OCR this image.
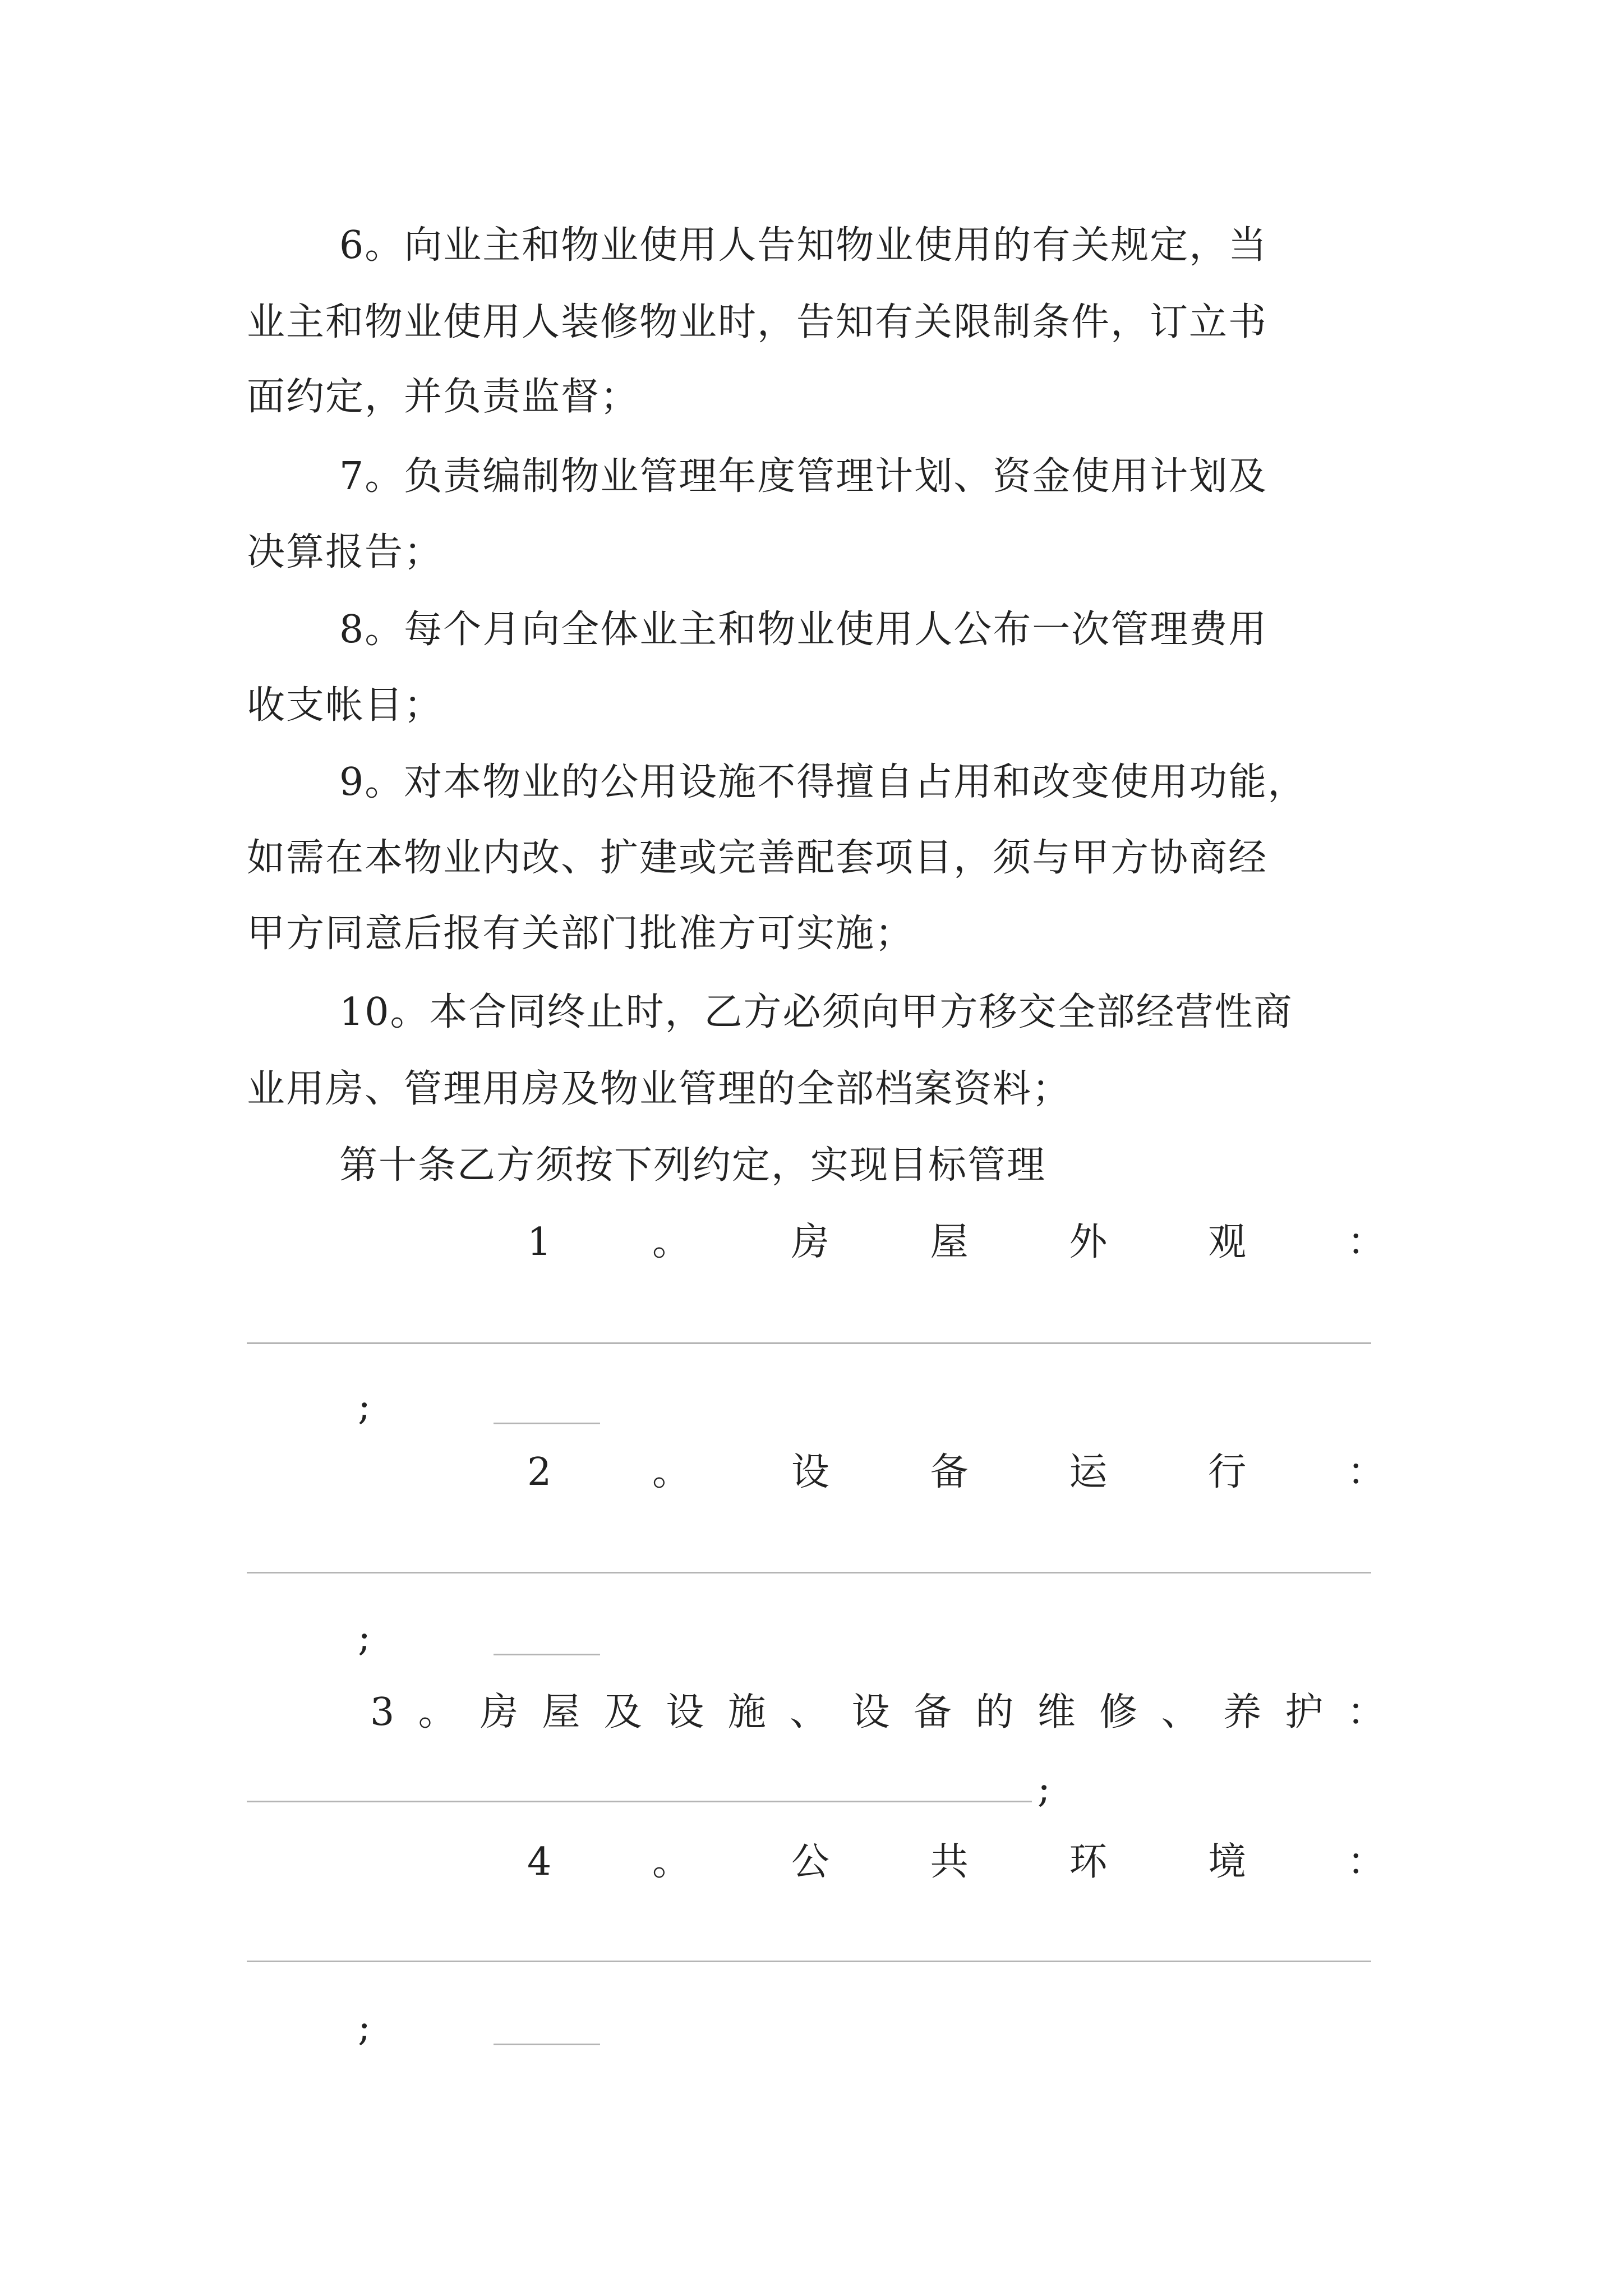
6。向业主和物业使用人告知物业使用的有关规定，当
业主和物业使用人装修物业时，告知有关限制条件，订立书
面约定，并负责监督；
7。负责编制物业管理年度管理计划、资金使用计划及
决算报告；
8。每个月向全体业主和物业使用人公布一次管理费用
收支帐目；
9。对本物业的公用设施不得擅自占用和改变使用功能，
如需在本物业内改、扩建或完善配套项目，须与甲方协商经
甲方同意后报有关部门批准方可实施；
10。本合同终止时，乙方必须向甲方移交全部经营性商
业用房、管理用房及物业管理的全部档案资料；
第十条乙方须按下列约定，实现目标管理
1	。	房	屋	外	观	：
;
2	。	设	备	运	行	：
;
3 。 房 屋 及 设 施 、 设 备 的 维 修 、 养 护 ：
;
4	。	公	共	环	境	：
;
